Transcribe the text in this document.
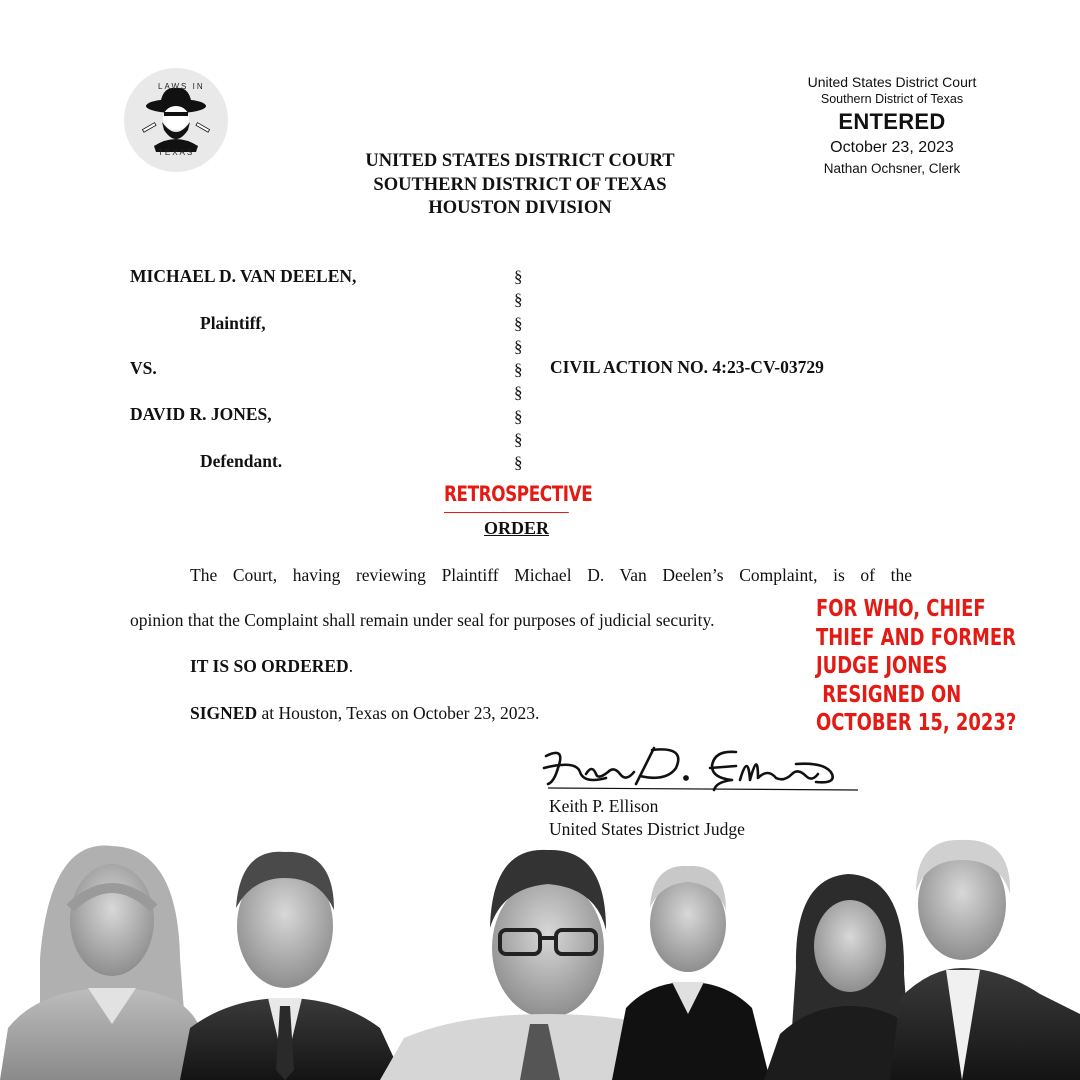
LAWS IN
TEXAS	UNITED STATES DISTRICT COURT
SOUTHERN DISTRICT OF TEXAS
HOUSTON DIVISION
United States District Court
Southern District of Texas
ENTERED
October 23, 2023
Nathan Ochsner, Clerk
MICHAEL D. VAN DEELEN,
Plaintiff,
VS.
DAVID R. JONES,
Defendant.
§
§
§
§
§
§
§
§
§
CIVIL ACTION NO. 4:23-CV-03729
RETROSPECTIVE
ORDER
The Court, having reviewing Plaintiff Michael D. Van Deelen’s Complaint, is of the
opinion that the Complaint shall remain under seal for purposes of judicial security.
IT IS SO ORDERED.
SIGNED at Houston, Texas on October 23, 2023.
FOR WHO, CHIEF
THIEF AND FORMER
JUDGE JONES
RESIGNED ON
OCTOBER 15, 2023?
Keith P. Ellison
United States District Judge
